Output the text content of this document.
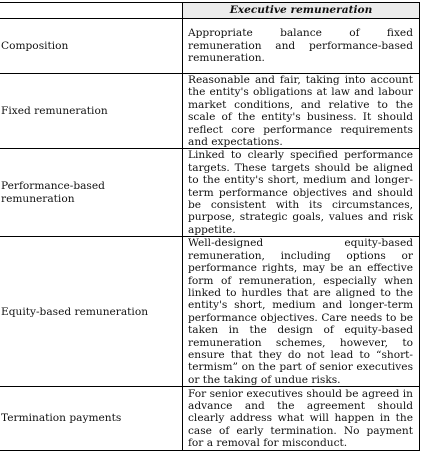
	Executive remuneration
Composition	Appropriate balance of fixed remuneration and performance-based remuneration.
Fixed remuneration	Reasonable and fair, taking into account the entity's obligations at law and labour market conditions, and relative to the scale of the entity's business. It should reflect core performance requirements and expectations.
Performance-based remuneration	Linked to clearly specified performance targets. These targets should be aligned to the entity's short, medium and longer-term performance objectives and should be consistent with its circumstances, purpose, strategic goals, values and risk appetite.
Equity-based remuneration	Well-designed equity-based remuneration, including options or performance rights, may be an effective form of remuneration, especially when linked to hurdles that are aligned to the entity's short, medium and longer-term performance objectives. Care needs to be taken in the design of equity-based remuneration schemes, however, to ensure that they do not lead to “short-termism” on the part of senior executives or the taking of undue risks.
Termination payments	For senior executives should be agreed in advance and the agreement should clearly address what will happen in the case of early termination. No payment for a removal for misconduct.
